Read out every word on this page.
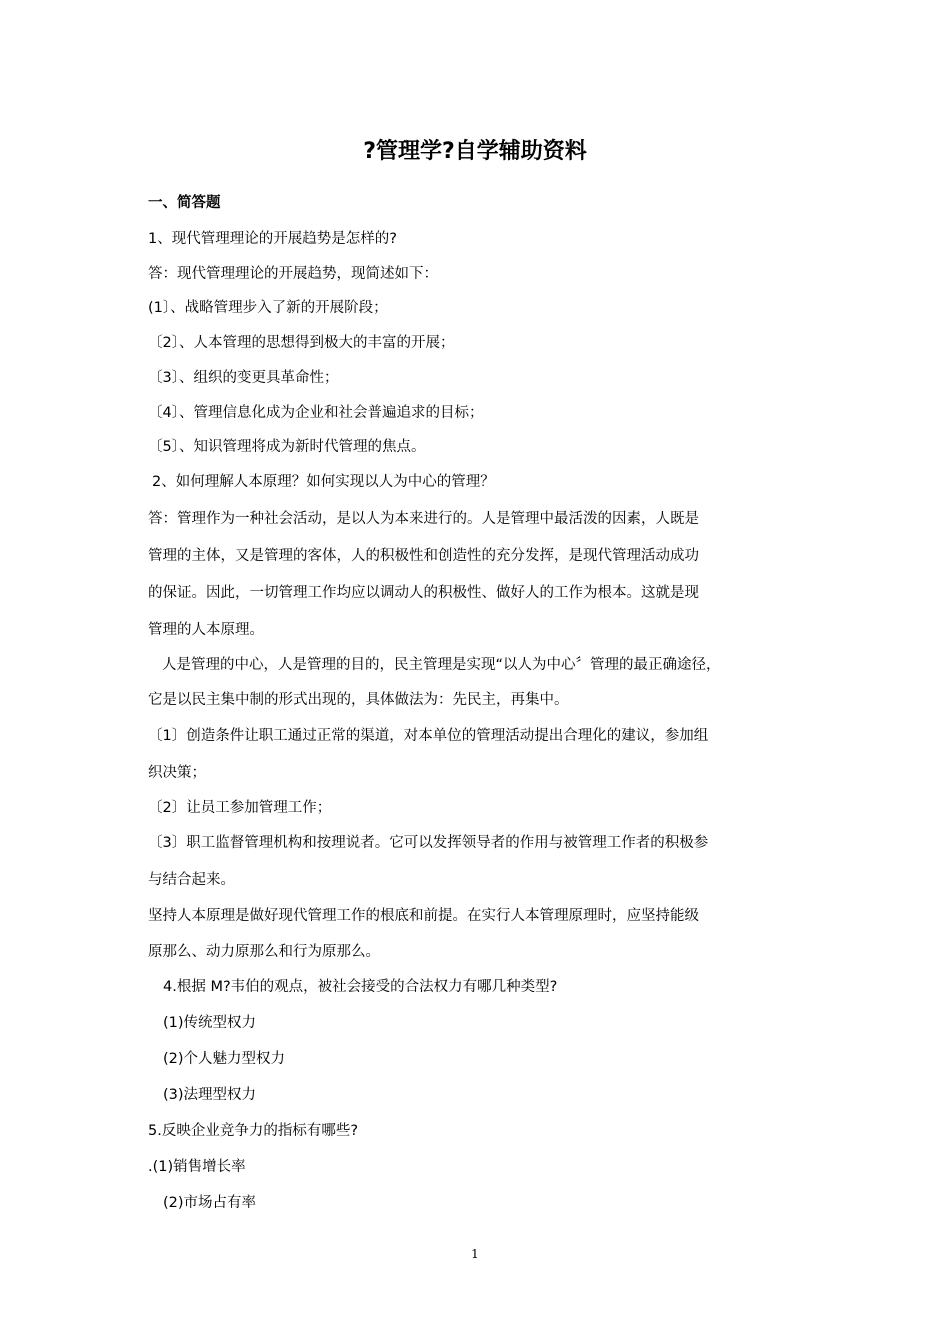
?管理学?自学辅助资料
一、简答题
1、现代管理理论的开展趋势是怎样的?
答：现代管理理论的开展趋势，现简述如下：
(1〕、战略管理步入了新的开展阶段；
〔2〕、人本管理的思想得到极大的丰富的开展；
〔3〕、组织的变更具革命性；
〔4〕、管理信息化成为企业和社会普遍追求的目标；
〔5〕、知识管理将成为新时代管理的焦点。
2、如何理解人本原理？如何实现以人为中心的管理？
答：管理作为一种社会活动，是以人为本来进行的。人是管理中最活泼的因素，人既是
管理的主体，又是管理的客体，人的积极性和创造性的充分发挥，是现代管理活动成功
的保证。因此，一切管理工作均应以调动人的积极性、做好人的工作为根本。这就是现
管理的人本原理。
人是管理的中心，人是管理的目的，民主管理是实现“以人为中心〞管理的最正确途径，
它是以民主集中制的形式出现的，具体做法为：先民主，再集中。
〔1〕创造条件让职工通过正常的渠道，对本单位的管理活动提出合理化的建议，参加组
织决策；
〔2〕让员工参加管理工作；
〔3〕职工监督管理机构和按理说者。它可以发挥领导者的作用与被管理工作者的积极参
与结合起来。
坚持人本原理是做好现代管理工作的根底和前提。在实行人本管理原理时，应坚持能级
原那么、动力原那么和行为原那么。
4.根据 M?韦伯的观点，被社会接受的合法权力有哪几种类型?
(1)传统型权力
(2)个人魅力型权力
(3)法理型权力
5.反映企业竞争力的指标有哪些?
.(1)销售增长率
(2)市场占有率
1
